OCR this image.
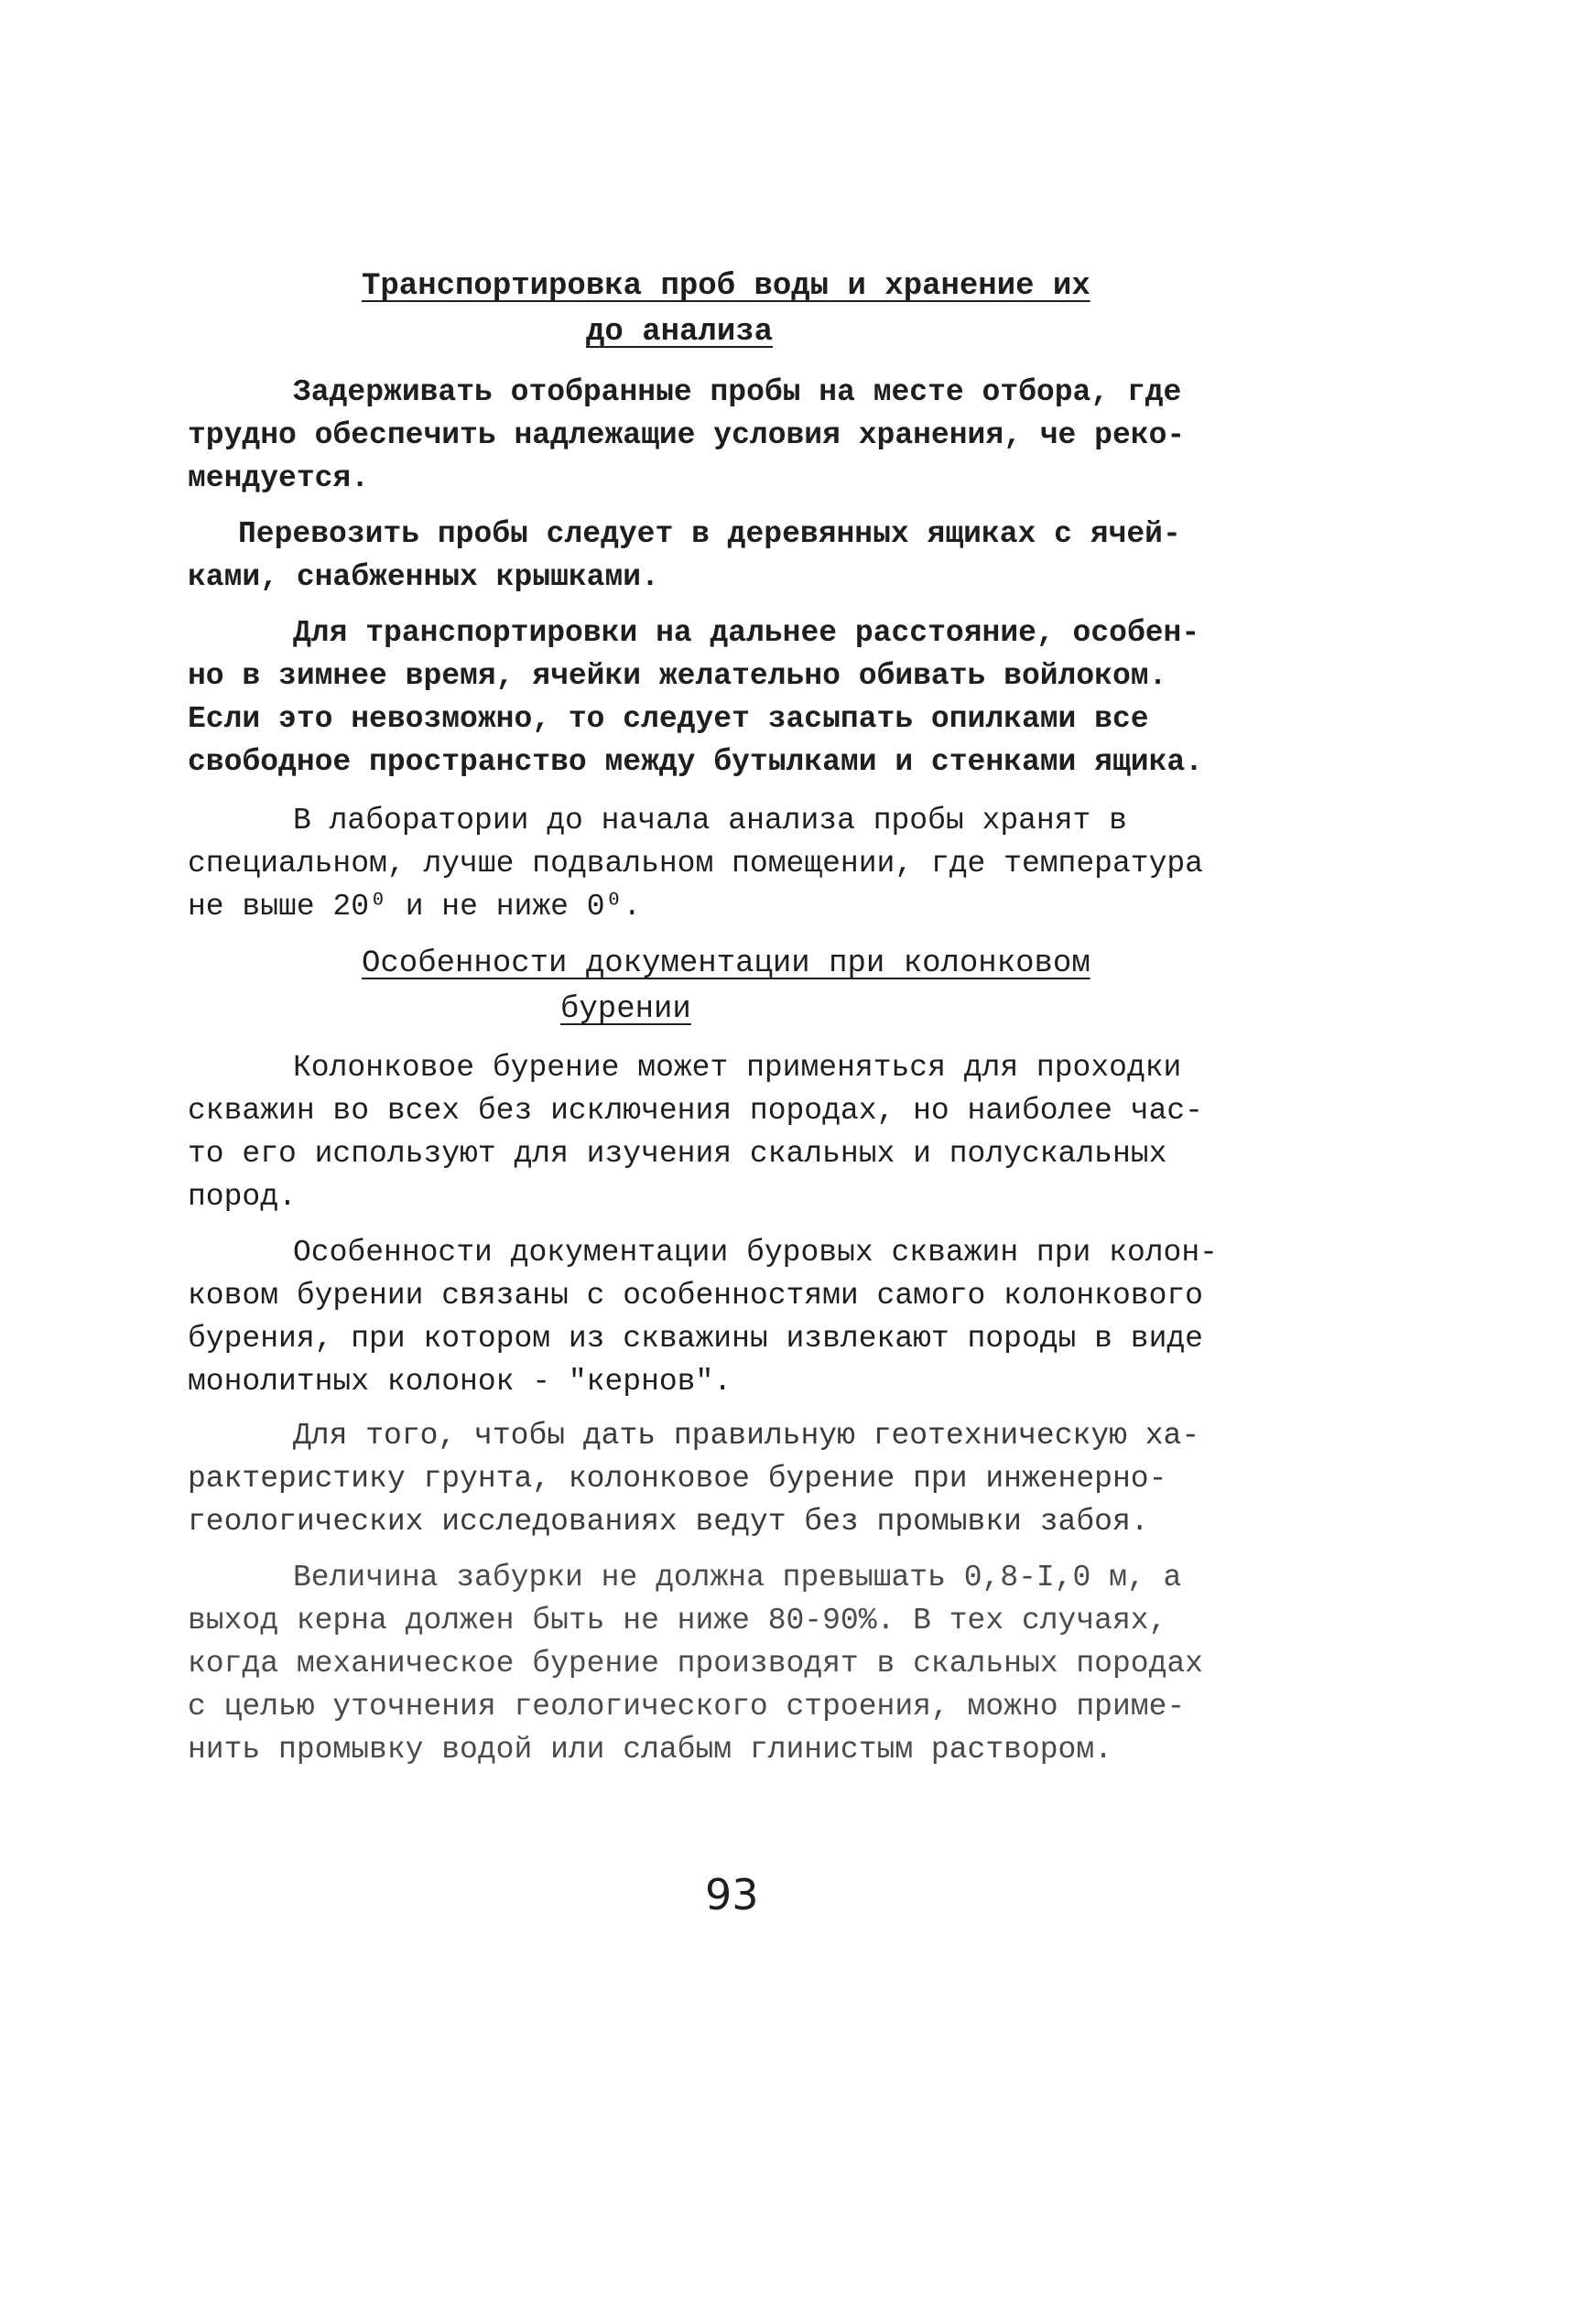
Транспортировка проб воды и хранение их
до анализа
Задерживать отобранные пробы на месте отбора, где
трудно обеспечить надлежащие условия хранения, че реко-
мендуется.
Перевозить пробы следует в деревянных ящиках с ячей-
ками, снабженных крышками.
Для транспортировки на дальнее расстояние, особен-
но в зимнее время, ячейки желательно обивать войлоком.
Если это невозможно, то следует засыпать опилками все
свободное пространство между бутылками и стенками ящика.
В лаборатории до начала анализа пробы хранят в
специальном, лучше подвальном помещении, где температура
не выше 20⁰ и не ниже 0⁰.
Особенности документации при колонковом
бурении
Колонковое бурение может применяться для проходки
скважин во всех без исключения породах, но наиболее час-
то его используют для изучения скальных и полускальных
пород.
Особенности документации буровых скважин при колон-
ковом бурении связаны с особенностями самого колонкового
бурения, при котором из скважины извлекают породы в виде
монолитных колонок - "кернов".
Для того, чтобы дать правильную геотехническую ха-
рактеристику грунта, колонковое бурение при инженерно-
геологических исследованиях ведут без промывки забоя.
Величина забурки не должна превышать 0,8-I,0 м, а
выход керна должен быть не ниже 80-90%. В тех случаях,
когда механическое бурение производят в скальных породах
с целью уточнения геологического строения, можно приме-
нить промывку водой или слабым глинистым раствором.

93
